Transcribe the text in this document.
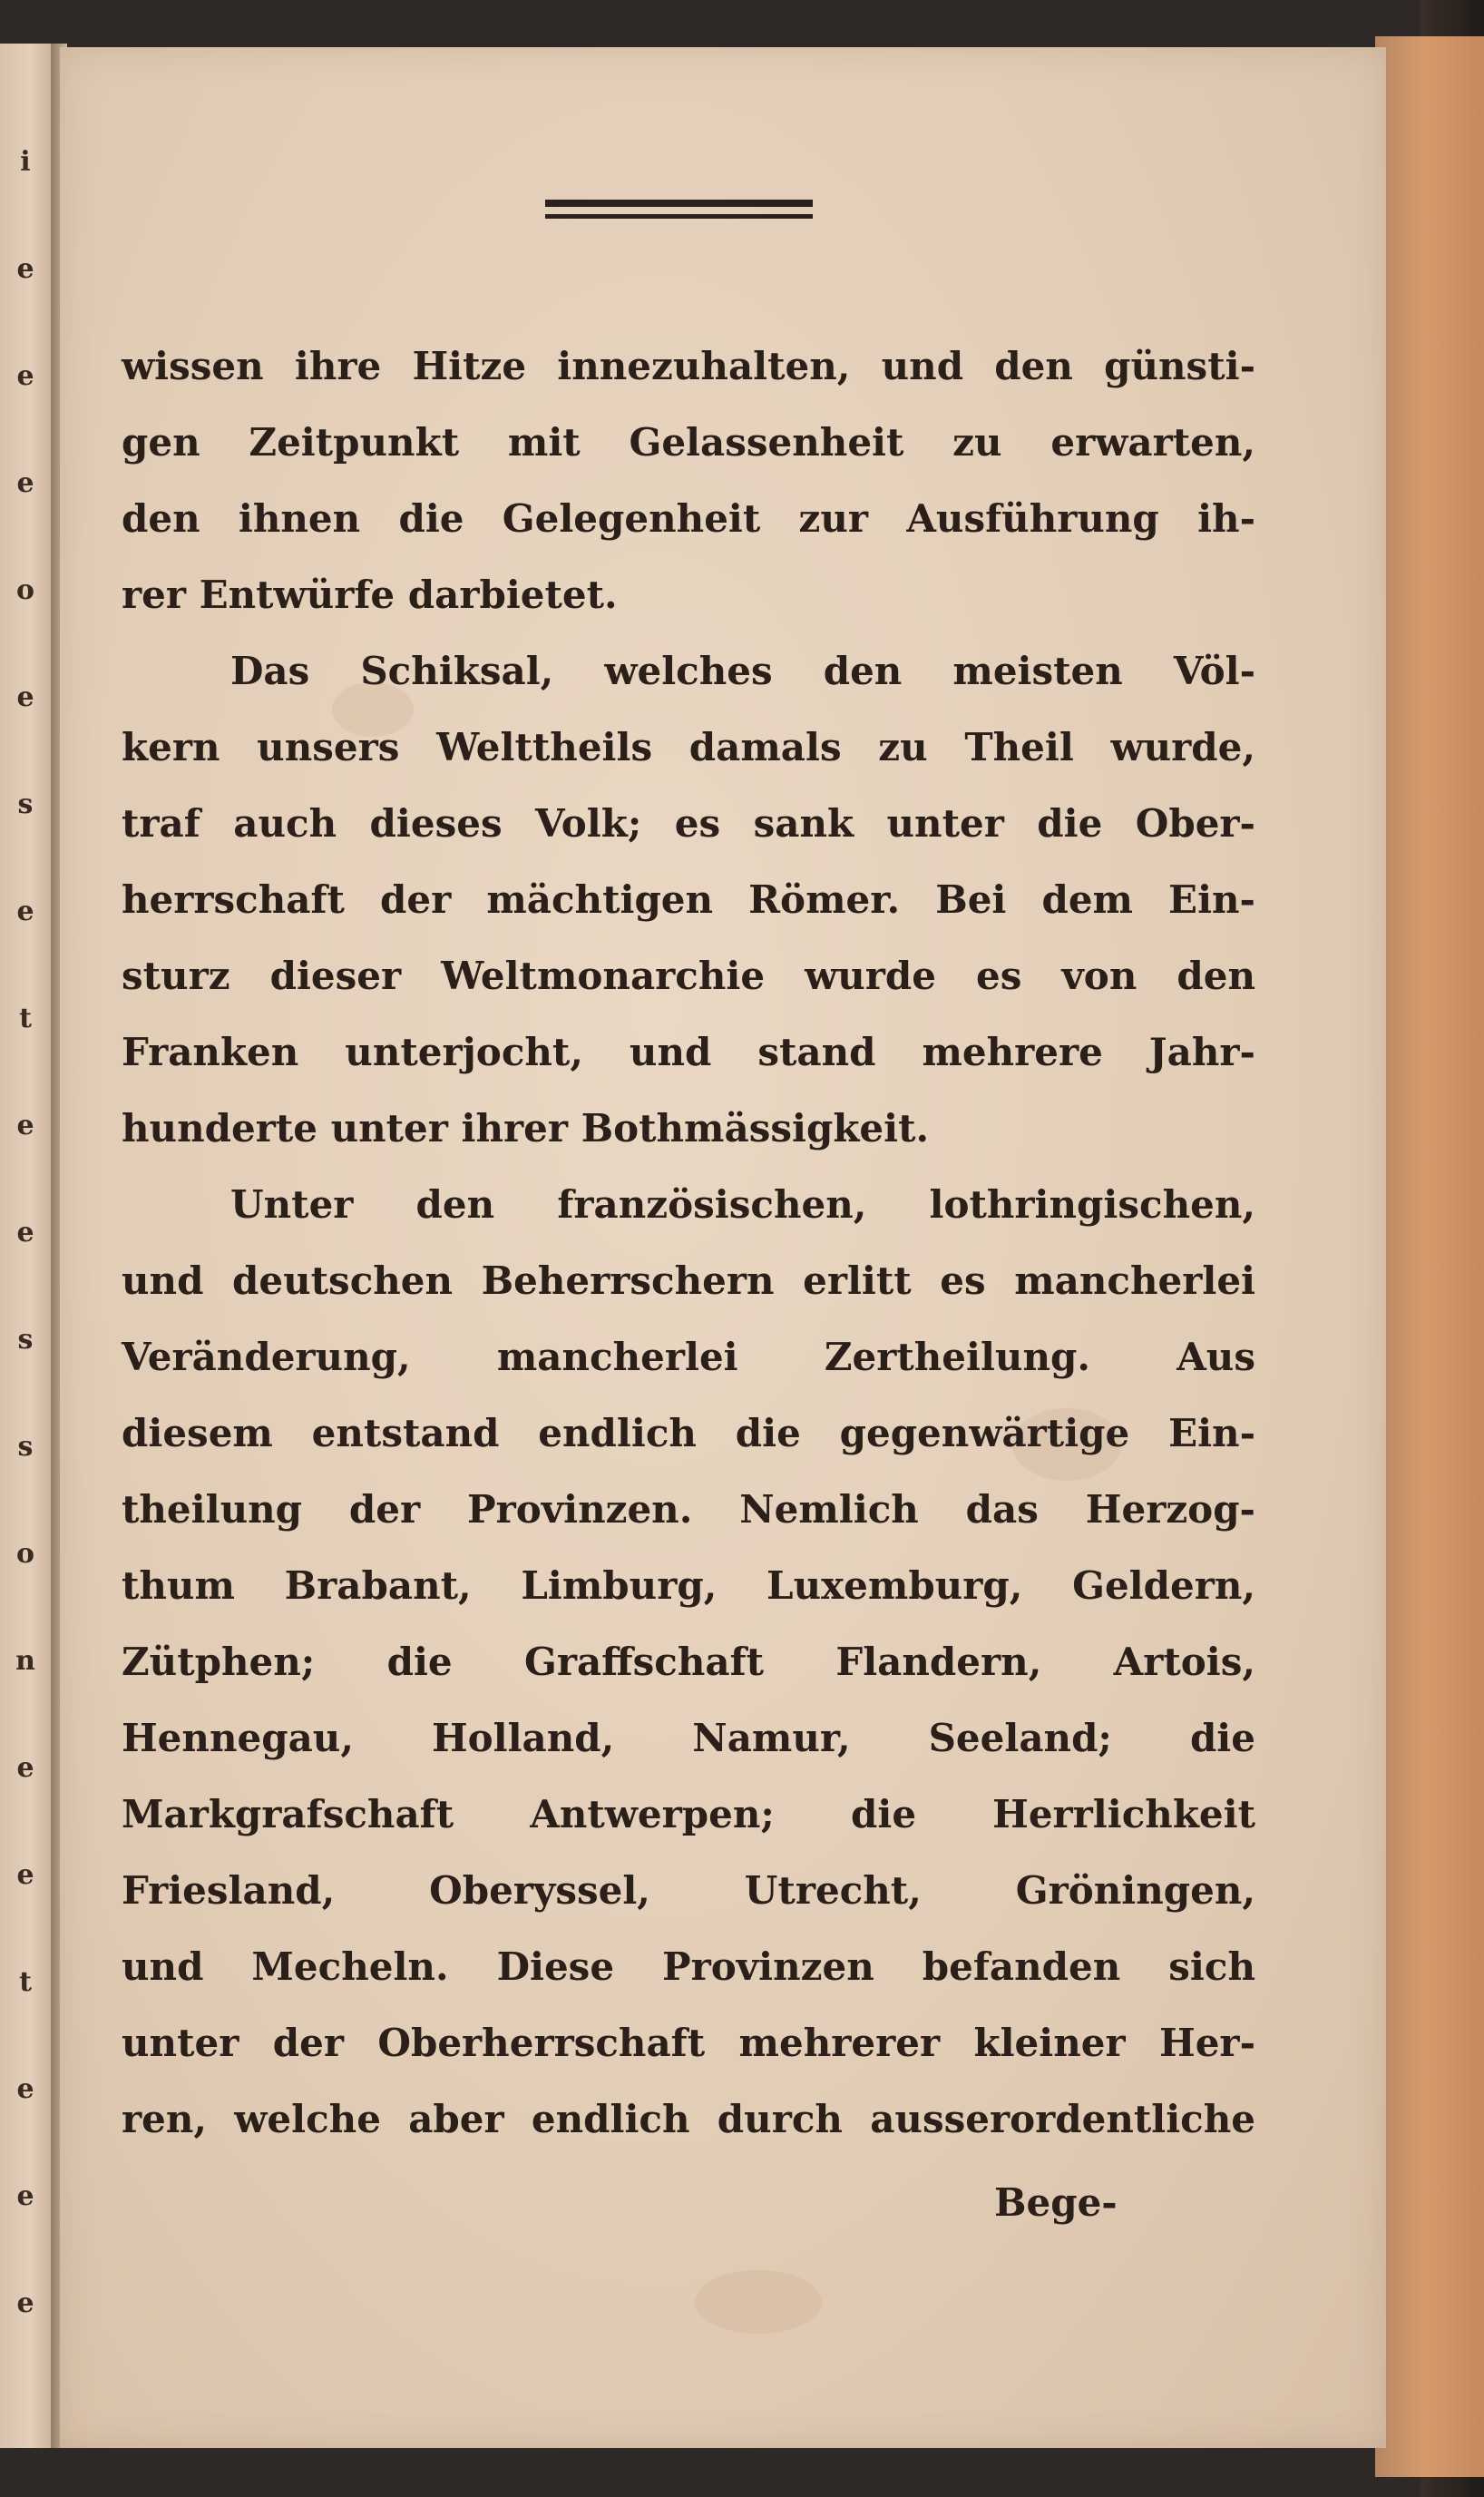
i
e
e
e
o
e
s
e
t
e
e
s
s
o
n
e
e
t
e
e
e
wissen ihre Hitze innezuhalten, und den günsti-
gen Zeitpunkt mit Gelassenheit zu erwarten,
den ihnen die Gelegenheit zur Ausführung ih-
rer Entwürfe darbietet.
Das Schiksal, welches den meisten Völ-
kern unsers Welttheils damals zu Theil wurde,
traf auch dieses Volk; es sank unter die Ober-
herrschaft der mächtigen Römer. Bei dem Ein-
sturz dieser Weltmonarchie wurde es von den
Franken unterjocht, und stand mehrere Jahr-
hunderte unter ihrer Bothmässigkeit.
Unter den französischen, lothringischen,
und deutschen Beherrschern erlitt es mancherlei
Veränderung, mancherlei Zertheilung. Aus
diesem entstand endlich die gegenwärtige Ein-
theilung der Provinzen. Nemlich das Herzog-
thum Brabant, Limburg, Luxemburg, Geldern,
Zütphen; die Graffschaft Flandern, Artois,
Hennegau, Holland, Namur, Seeland; die
Markgrafschaft Antwerpen; die Herrlichkeit
Friesland, Oberyssel, Utrecht, Gröningen,
und Mecheln. Diese Provinzen befanden sich
unter der Oberherrschaft mehrerer kleiner Her-
ren, welche aber endlich durch ausserordentliche
Bege-
